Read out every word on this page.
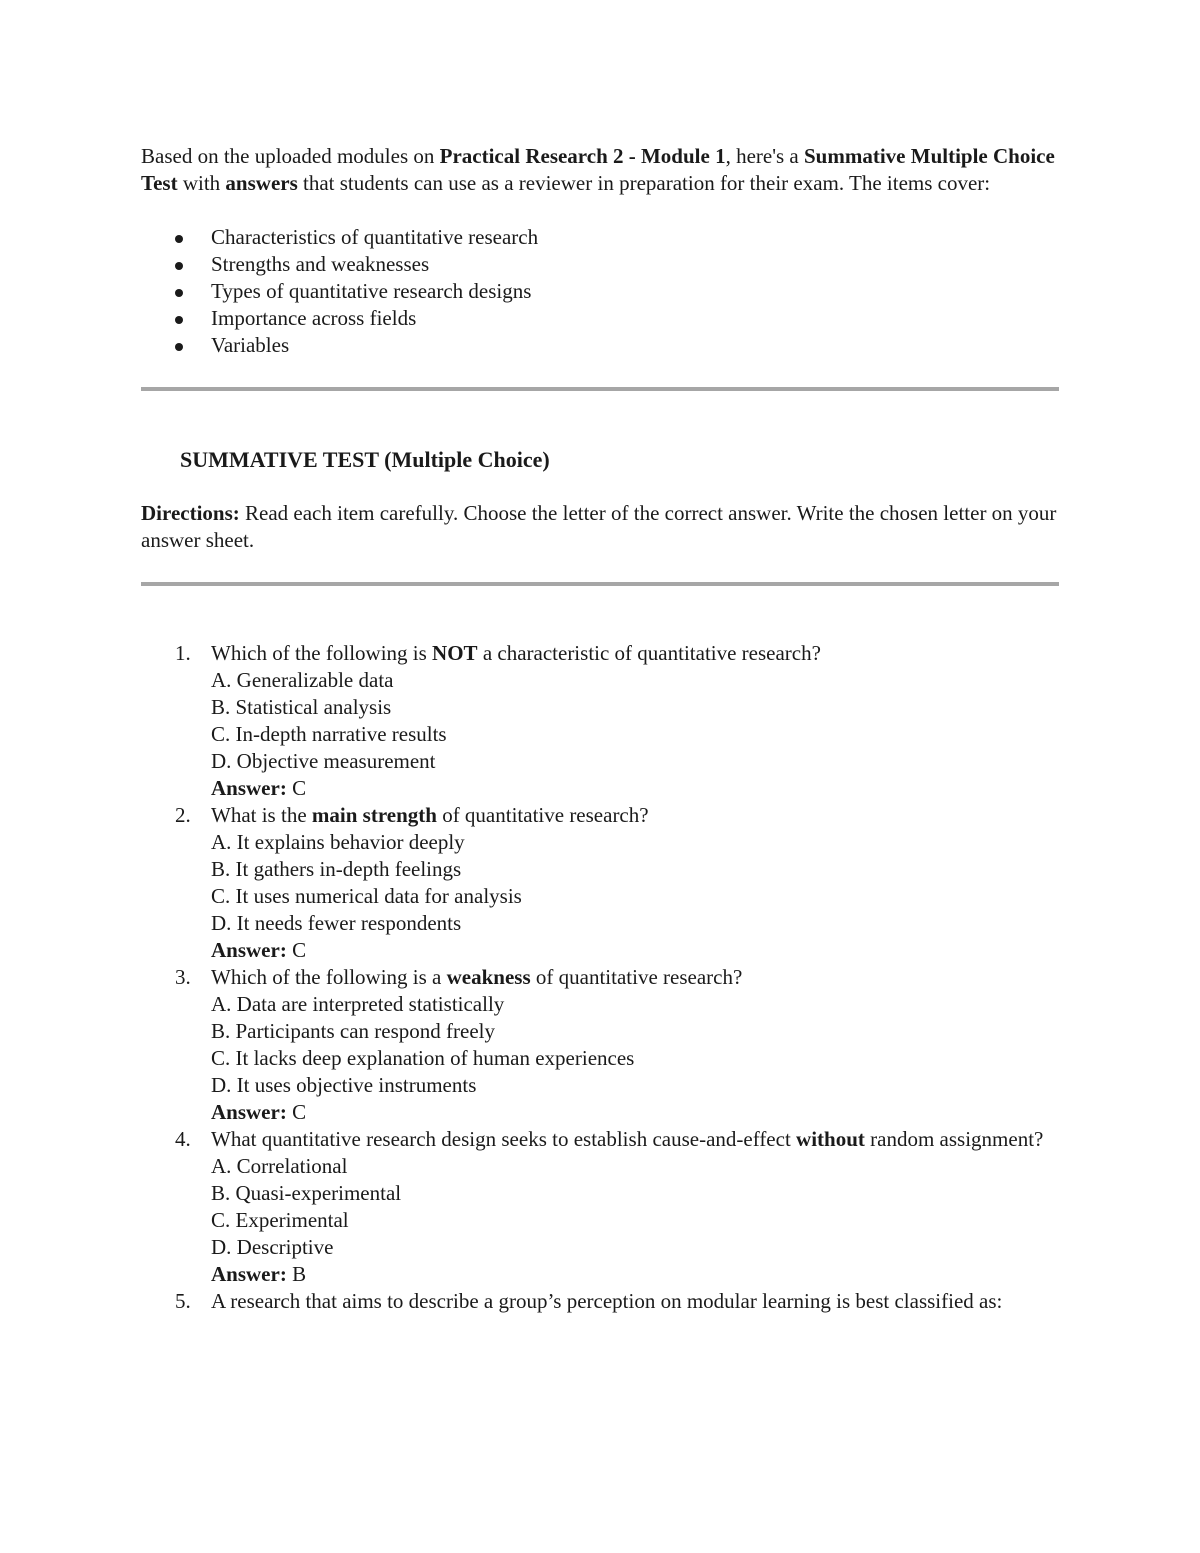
Based on the uploaded modules on Practical Research 2 - Module 1, here's a Summative Multiple Choice Test with answers that students can use as a reviewer in preparation for their exam. The items cover:

Characteristics of quantitative research
Strengths and weaknesses
Types of quantitative research designs
Importance across fields
Variables
SUMMATIVE TEST (Multiple Choice)

Directions: Read each item carefully. Choose the letter of the correct answer. Write the chosen letter on your answer sheet.

1. Which of the following is NOT a characteristic of quantitative research?
A. Generalizable data
B. Statistical analysis
C. In-depth narrative results
D. Objective measurement
Answer: C
2. What is the main strength of quantitative research?
A. It explains behavior deeply
B. It gathers in-depth feelings
C. It uses numerical data for analysis
D. It needs fewer respondents
Answer: C
3. Which of the following is a weakness of quantitative research?
A. Data are interpreted statistically
B. Participants can respond freely
C. It lacks deep explanation of human experiences
D. It uses objective instruments
Answer: C
4. What quantitative research design seeks to establish cause-and-effect without random assignment?
A. Correlational
B. Quasi-experimental
C. Experimental
D. Descriptive
Answer: B
5. A research that aims to describe a group’s perception on modular learning is best classified as:
